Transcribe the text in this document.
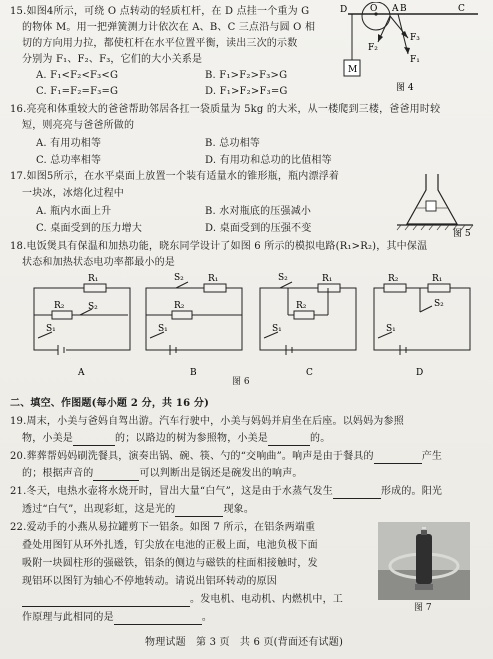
15.如图4所示，可绕 O 点转动的轻质杠杆，在 D 点挂一个重为 G
的物体 M。用一把弹簧测力计依次在 A、B、C 三点沿与圆 O 相
切的方向用力拉，都使杠杆在水平位置平衡，读出三次的示数
分别为 F₁、F₂、F₃，它们的大小关系是
A. F₁<F₂<F₃<G	B. F₁>F₂>F₃>G
C. F₁=F₂=F₃=G	D. F₁>F₂>F₃=G
D	O A B	C
F₁
F₂
F₃
M
图 4
16.亮亮和体重较大的爸爸帮助邻居各扛一袋质量为 5kg 的大米，从一楼爬到三楼，爸爸用时较
短，则亮亮与爸爸所做的
A. 有用功相等	B. 总功相等
C. 总功率相等	D. 有用功和总功的比值相等
17.如图5所示，在水平桌面上放置一个装有适量水的锥形瓶，瓶内漂浮着
一块冰，冰熔化过程中
A. 瓶内水面上升	B. 水对瓶底的压强减小
C. 桌面受到的压力增大	D. 桌面受到的压强不变	图 5
18.电饭煲具有保温和加热功能，晓东同学设计了如图 6 所示的模拟电路(R₁>R₂)，其中保温
状态和加热状态电功率都最小的是
R₁
R₂	S₂
S₁
A
S₂	R₁
R₂
S₁
B
S₂	R₁
R₂
S₁
C
R₂	R₁
S₂
S₁
D
图 6
二、填空、作图题(每小题 2 分，共 16 分)
19.周末，小美与爸妈自驾出游。汽车行驶中，小美与妈妈并肩坐在后座。以妈妈为参照
物，小美是	的；以路边的树为参照物，小美是	的。
20.葬葬帮妈妈刷洗餐具，演奏出锅、碗、筷、勺的“交响曲”。响声是由于餐具的	产生
的；根据声音的	可以判断出是锅还是碗发出的响声。
21.冬天，电热水壶将水烧开时，冒出大量“白气”，这是由于水蒸气发生	形成的。阳光
透过“白气”，出现彩虹，这是光的	现象。
22.爱动手的小燕从易拉罐剪下一铝条。如图 7 所示，在铝条两端重
叠处用图钉从环外扎透，钉尖放在电池的正极上面，电池负极下面
吸附一块圆柱形的强磁铁，铝条的侧边与磁铁的柱面相接触时，发
现铝环以图钉为轴心不停地转动。请说出铝环转动的原因
。发电机、电动机、内燃机中，工
作原理与此相同的是	。
图 7
物理试题　第 3 页　共 6 页(背面还有试题)
